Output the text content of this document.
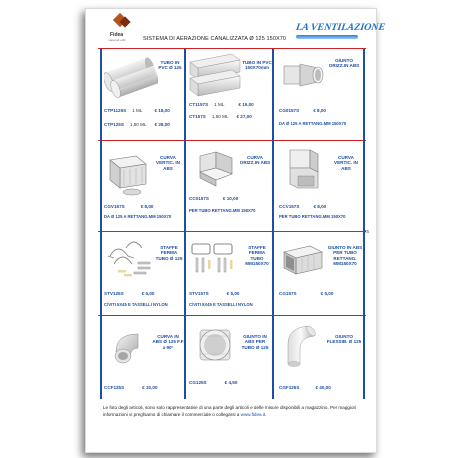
Fidea
materiali edili	SISTEMA DI AERAZIONE CANALIZZATA Ø 125 150X70
LA VENTILAZIONE
TUBO IN PVC Ø 125
CTP1125S 1 ML	€ 18,00
CTP125S 1,50 ML € 28,00
TUBO IN PVC 150X70mm
CT1157S 1 ML	€ 15,00
CT157S 1,50 ML € 27,00
GIUNTO ORIZZ.IN ABS
CG0157S	€ 8,00
DA Ø 125 A RETTANG.MM 150X70
CURVA VERTIC. IN ABS
CGV157S	€ 8,00
DA Ø 125 A RETTANG.MM 150X70
CURVA ORIZZ.IN ABS
CC0157S	€ 10,00
PER TUBO RETTANG.MM 150X70
CURVA VERTIC. IN ABS
CCV157S	€ 8,00
PER TUBO RETTANG.MM 150X70
STAFFE FERMA TUBO Ø 125
STV125S	€ 5,00
C/VITI 5X45 E TASSELLI NYLON
STAFFE FERMA TUBO MM150X70
STV157S	€ 5,00
C/VITI 5X45 E TASSELLI NYLON
GIUNTO IN ABS PER TUBO RETTANG. MM150X70
CG157S	€ 5,00
CURVA IN ABS Ø 125 F.F a 90°
CCF125S	€ 10,00
GIUNTO IN ABS PER TUBO Ø 125
CG125S	€ 4,50
GIUNTO FLESSIB. Ø 125
CGF125S	€ 40,00
75
Le foto degli articoli, sono solo rappresentative di una parte degli articoli e delle misure disponibili a magazzino. Per maggiori informazioni vi preghiamo di chiamare il commerciale o collegarsi a www.fidea.it.
